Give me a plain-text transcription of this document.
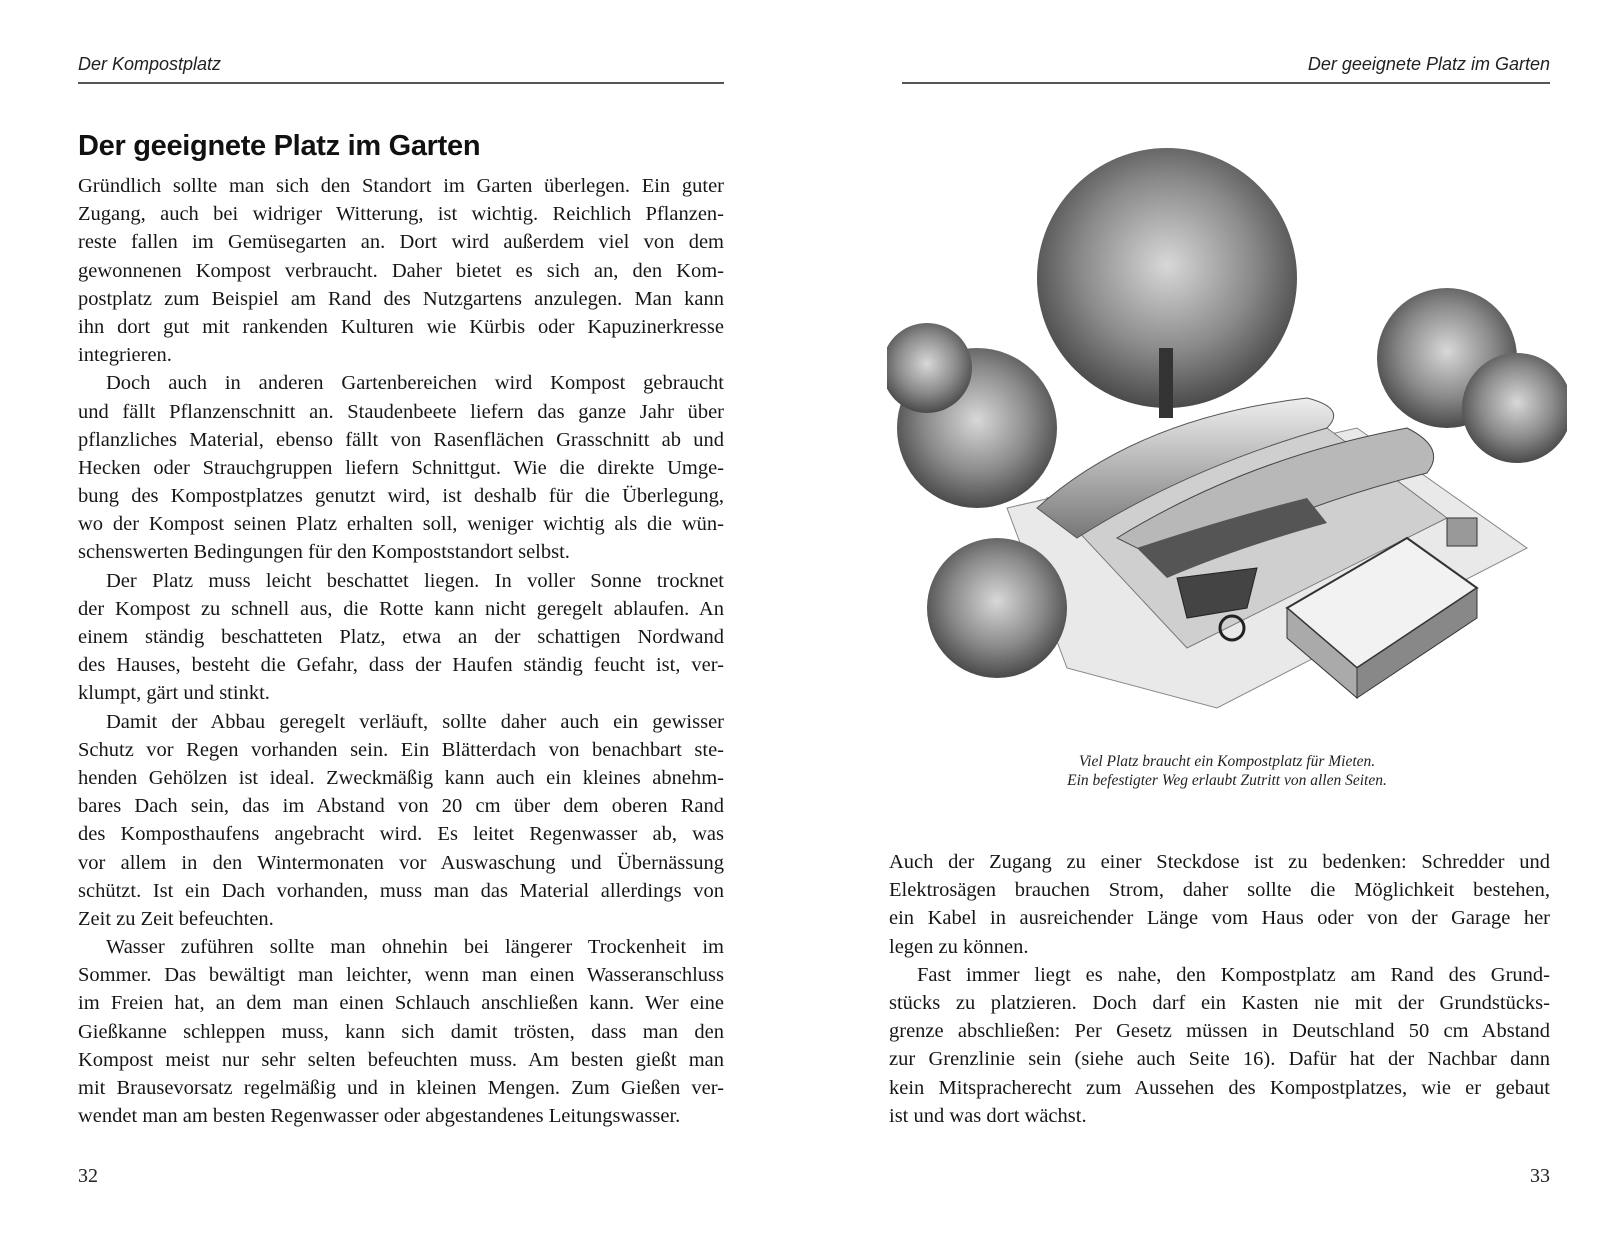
Der Kompostplatz
Der geeignete Platz im Garten
Gründlich sollte man sich den Standort im Garten überlegen. Ein guter
Zugang, auch bei widriger Witterung, ist wichtig. Reichlich Pflanzen-
reste fallen im Gemüsegarten an. Dort wird außerdem viel von dem
gewonnenen Kompost verbraucht. Daher bietet es sich an, den Kom-
postplatz zum Beispiel am Rand des Nutzgartens anzulegen. Man kann
ihn dort gut mit rankenden Kulturen wie Kürbis oder Kapuzinerkresse
integrieren.
Doch auch in anderen Gartenbereichen wird Kompost gebraucht
und fällt Pflanzenschnitt an. Staudenbeete liefern das ganze Jahr über
pflanzliches Material, ebenso fällt von Rasenflächen Grasschnitt ab und
Hecken oder Strauchgruppen liefern Schnittgut. Wie die direkte Umge-
bung des Kompostplatzes genutzt wird, ist deshalb für die Überlegung,
wo der Kompost seinen Platz erhalten soll, weniger wichtig als die wün-
schenswerten Bedingungen für den Kompoststandort selbst.
Der Platz muss leicht beschattet liegen. In voller Sonne trocknet
der Kompost zu schnell aus, die Rotte kann nicht geregelt ablaufen. An
einem ständig beschatteten Platz, etwa an der schattigen Nordwand
des Hauses, besteht die Gefahr, dass der Haufen ständig feucht ist, ver-
klumpt, gärt und stinkt.
Damit der Abbau geregelt verläuft, sollte daher auch ein gewisser
Schutz vor Regen vorhanden sein. Ein Blätterdach von benachbart ste-
henden Gehölzen ist ideal. Zweckmäßig kann auch ein kleines abnehm-
bares Dach sein, das im Abstand von 20 cm über dem oberen Rand
des Komposthaufens angebracht wird. Es leitet Regenwasser ab, was
vor allem in den Wintermonaten vor Auswaschung und Übernässung
schützt. Ist ein Dach vorhanden, muss man das Material allerdings von
Zeit zu Zeit befeuchten.
Wasser zuführen sollte man ohnehin bei längerer Trockenheit im
Sommer. Das bewältigt man leichter, wenn man einen Wasseranschluss
im Freien hat, an dem man einen Schlauch anschließen kann. Wer eine
Gießkanne schleppen muss, kann sich damit trösten, dass man den
Kompost meist nur sehr selten befeuchten muss. Am besten gießt man
mit Brausevorsatz regelmäßig und in kleinen Mengen. Zum Gießen ver-
wendet man am besten Regenwasser oder abgestandenes Leitungswasser.
32
Der geeignete Platz im Garten
Viel Platz braucht ein Kompostplatz für Mieten.
Ein befestigter Weg erlaubt Zutritt von allen Seiten.
Auch der Zugang zu einer Steckdose ist zu bedenken: Schredder und
Elektrosägen brauchen Strom, daher sollte die Möglichkeit bestehen,
ein Kabel in ausreichender Länge vom Haus oder von der Garage her
legen zu können.
Fast immer liegt es nahe, den Kompostplatz am Rand des Grund-
stücks zu platzieren. Doch darf ein Kasten nie mit der Grundstücks-
grenze abschließen: Per Gesetz müssen in Deutschland 50 cm Abstand
zur Grenzlinie sein (siehe auch Seite 16). Dafür hat der Nachbar dann
kein Mitspracherecht zum Aussehen des Kompostplatzes, wie er gebaut
ist und was dort wächst.
33
